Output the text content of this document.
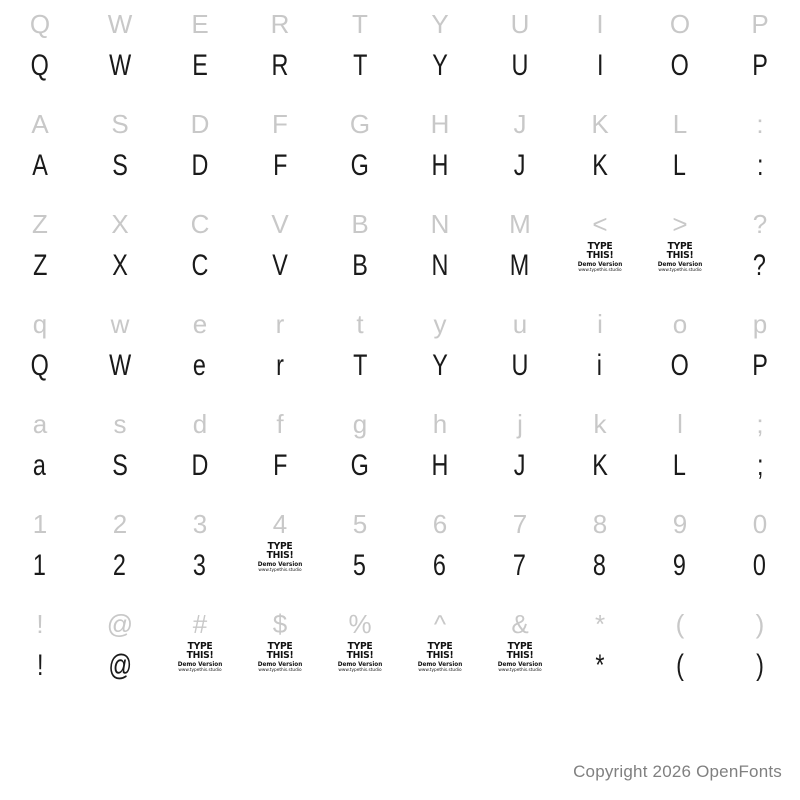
Q
Q
W
W
E
E
R
R
T
T
Y
Y
U
U
I
I
O
O
P
P
A
A
S
S
D
D
F
F
G
G
H
H
J
J
K
K
L
L
:
:
Z
Z
X
X
C
C
V
V
B
B
N
N
M
M
<
TYPE
THIS!
Demo Version
www.typethis.studio
>
TYPE
THIS!
Demo Version
www.typethis.studio
?
?
q
Q
w
W
e
e
r
r
t
T
y
Y
u
U
i
i
o
O
p
P
a
a
s
S
d
D
f
F
g
G
h
H
j
J
k
K
l
L
;
;
1
1
2
2
3
3
4
TYPE
THIS!
Demo Version
www.typethis.studio
5
5
6
6
7
7
8
8
9
9
0
0
!
!
@
@
#
TYPE
THIS!
Demo Version
www.typethis.studio
$
TYPE
THIS!
Demo Version
www.typethis.studio
%
TYPE
THIS!
Demo Version
www.typethis.studio
^
TYPE
THIS!
Demo Version
www.typethis.studio
&
TYPE
THIS!
Demo Version
www.typethis.studio
*
*
(
(
)
)
Copyright 2026 OpenFonts
